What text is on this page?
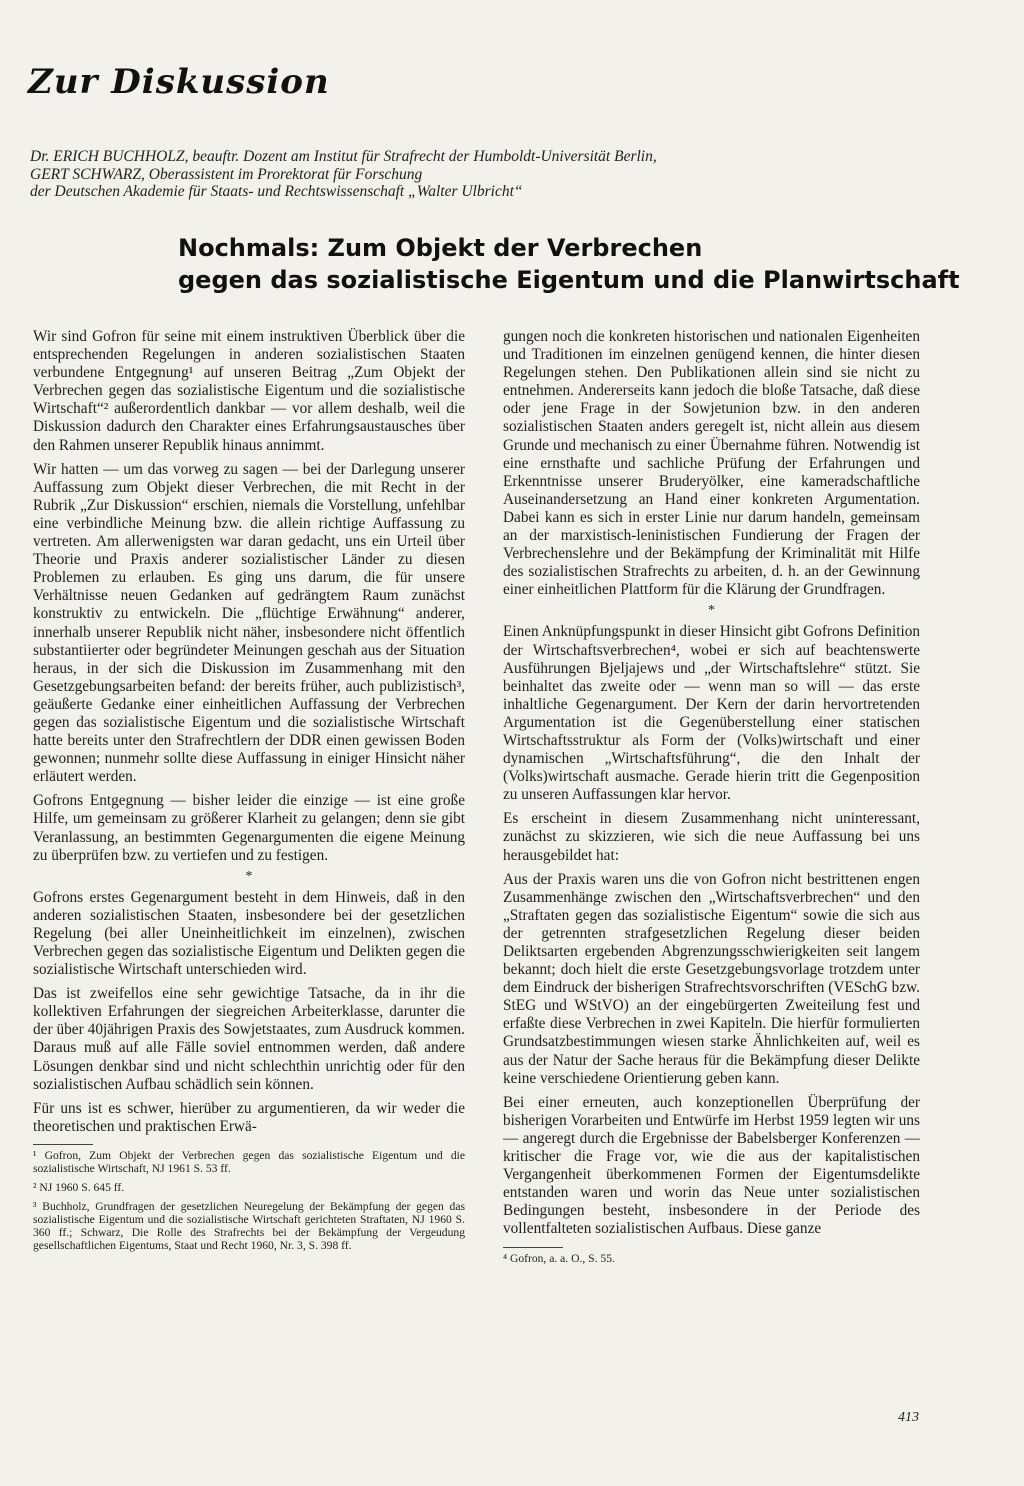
Zur Diskussion
Dr. ERICH BUCHHOLZ, beauftr. Dozent am Institut für Strafrecht der Humboldt-Universität Berlin,
GERT SCHWARZ, Oberassistent im Prorektorat für Forschung
der Deutschen Akademie für Staats- und Rechtswissenschaft „Walter Ulbricht“
Nochmals: Zum Objekt der Verbrechen
gegen das sozialistische Eigentum und die Planwirtschaft

Wir sind Gofron für seine mit einem instruktiven Überblick über die entsprechenden Regelungen in anderen sozialistischen Staaten verbundene Entgegnung¹ auf unseren Beitrag „Zum Objekt der Verbrechen gegen das sozialistische Eigentum und die sozialistische Wirtschaft“² außerordentlich dankbar — vor allem deshalb, weil die Diskussion dadurch den Charakter eines Erfahrungsaustausches über den Rahmen unserer Republik hinaus annimmt.

Wir hatten — um das vorweg zu sagen — bei der Darlegung unserer Auffassung zum Objekt dieser Verbrechen, die mit Recht in der Rubrik „Zur Diskussion“ erschien, niemals die Vorstellung, unfehlbar eine verbindliche Meinung bzw. die allein richtige Auffassung zu vertreten. Am allerwenigsten war daran gedacht, uns ein Urteil über Theorie und Praxis anderer sozialistischer Länder zu diesen Problemen zu erlauben. Es ging uns darum, die für unsere Verhältnisse neuen Gedanken auf gedrängtem Raum zunächst konstruktiv zu entwickeln. Die „flüchtige Erwähnung“ anderer, innerhalb unserer Republik nicht näher, insbesondere nicht öffentlich substantiierter oder begründeter Meinungen geschah aus der Situation heraus, in der sich die Diskussion im Zusammenhang mit den Gesetzgebungsarbeiten befand: der bereits früher, auch publizistisch³, geäußerte Gedanke einer einheitlichen Auffassung der Verbrechen gegen das sozialistische Eigentum und die sozialistische Wirtschaft hatte bereits unter den Strafrechtlern der DDR einen gewissen Boden gewonnen; nunmehr sollte diese Auffassung in einiger Hinsicht näher erläutert werden.

Gofrons Entgegnung — bisher leider die einzige — ist eine große Hilfe, um gemeinsam zu größerer Klarheit zu gelangen; denn sie gibt Veranlassung, an bestimmten Gegenargumenten die eigene Meinung zu überprüfen bzw. zu vertiefen und zu festigen.

*

Gofrons erstes Gegenargument besteht in dem Hinweis, daß in den anderen sozialistischen Staaten, insbesondere bei der gesetzlichen Regelung (bei aller Uneinheitlichkeit im einzelnen), zwischen Verbrechen gegen das sozialistische Eigentum und Delikten gegen die sozialistische Wirtschaft unterschieden wird.

Das ist zweifellos eine sehr gewichtige Tatsache, da in ihr die kollektiven Erfahrungen der siegreichen Arbeiterklasse, darunter die der über 40jährigen Praxis des Sowjetstaates, zum Ausdruck kommen. Daraus muß auf alle Fälle soviel entnommen werden, daß andere Lösungen denkbar sind und nicht schlechthin unrichtig oder für den sozialistischen Aufbau schädlich sein können.

Für uns ist es schwer, hierüber zu argumentieren, da wir weder die theoretischen und praktischen Erwä-

¹ Gofron, Zum Objekt der Verbrechen gegen das sozialistische Eigentum und die sozialistische Wirtschaft, NJ 1961 S. 53 ff.

² NJ 1960 S. 645 ff.

³ Buchholz, Grundfragen der gesetzlichen Neuregelung der Bekämpfung der gegen das sozialistische Eigentum und die sozialistische Wirtschaft gerichteten Straftaten, NJ 1960 S. 360 ff.; Schwarz, Die Rolle des Strafrechts bei der Bekämpfung der Vergeudung gesellschaftlichen Eigentums, Staat und Recht 1960, Nr. 3, S. 398 ff.

gungen noch die konkreten historischen und nationalen Eigenheiten und Traditionen im einzelnen genügend kennen, die hinter diesen Regelungen stehen. Den Publikationen allein sind sie nicht zu entnehmen. Andererseits kann jedoch die bloße Tatsache, daß diese oder jene Frage in der Sowjetunion bzw. in den anderen sozialistischen Staaten anders geregelt ist, nicht allein aus diesem Grunde und mechanisch zu einer Übernahme führen. Notwendig ist eine ernsthafte und sachliche Prüfung der Erfahrungen und Erkenntnisse unserer Bruderyölker, eine kameradschaftliche Auseinandersetzung an Hand einer konkreten Argumentation. Dabei kann es sich in erster Linie nur darum handeln, gemeinsam an der marxistisch-leninistischen Fundierung der Fragen der Verbrechenslehre und der Bekämpfung der Kriminalität mit Hilfe des sozialistischen Strafrechts zu arbeiten, d. h. an der Gewinnung einer einheitlichen Plattform für die Klärung der Grundfragen.

*

Einen Anknüpfungspunkt in dieser Hinsicht gibt Gofrons Definition der Wirtschaftsverbrechen⁴, wobei er sich auf beachtenswerte Ausführungen Bjeljajews und „der Wirtschaftslehre“ stützt. Sie beinhaltet das zweite oder — wenn man so will — das erste inhaltliche Gegenargument. Der Kern der darin hervortretenden Argumentation ist die Gegenüberstellung einer statischen Wirtschaftsstruktur als Form der (Volks)wirtschaft und einer dynamischen „Wirtschaftsführung“, die den Inhalt der (Volks)wirtschaft ausmache. Gerade hierin tritt die Gegenposition zu unseren Auffassungen klar hervor.

Es erscheint in diesem Zusammenhang nicht uninteressant, zunächst zu skizzieren, wie sich die neue Auffassung bei uns herausgebildet hat:

Aus der Praxis waren uns die von Gofron nicht bestrittenen engen Zusammenhänge zwischen den „Wirtschaftsverbrechen“ und den „Straftaten gegen das sozialistische Eigentum“ sowie die sich aus der getrennten strafgesetzlichen Regelung dieser beiden Deliktsarten ergebenden Abgrenzungsschwierigkeiten seit langem bekannt; doch hielt die erste Gesetzgebungsvorlage trotzdem unter dem Eindruck der bisherigen Strafrechtsvorschriften (VESchG bzw. StEG und WStVO) an der eingebürgerten Zweiteilung fest und erfaßte diese Verbrechen in zwei Kapiteln. Die hierfür formulierten Grundsatzbestimmungen wiesen starke Ähnlichkeiten auf, weil es aus der Natur der Sache heraus für die Bekämpfung dieser Delikte keine verschiedene Orientierung geben kann.

Bei einer erneuten, auch konzeptionellen Überprüfung der bisherigen Vorarbeiten und Entwürfe im Herbst 1959 legten wir uns — angeregt durch die Ergebnisse der Babelsberger Konferenzen — kritischer die Frage vor, wie die aus der kapitalistischen Vergangenheit überkommenen Formen der Eigentumsdelikte entstanden waren und worin das Neue unter sozialistischen Bedingungen besteht, insbesondere in der Periode des vollentfalteten sozialistischen Aufbaus. Diese ganze

⁴ Gofron, a. a. O., S. 55.

413
